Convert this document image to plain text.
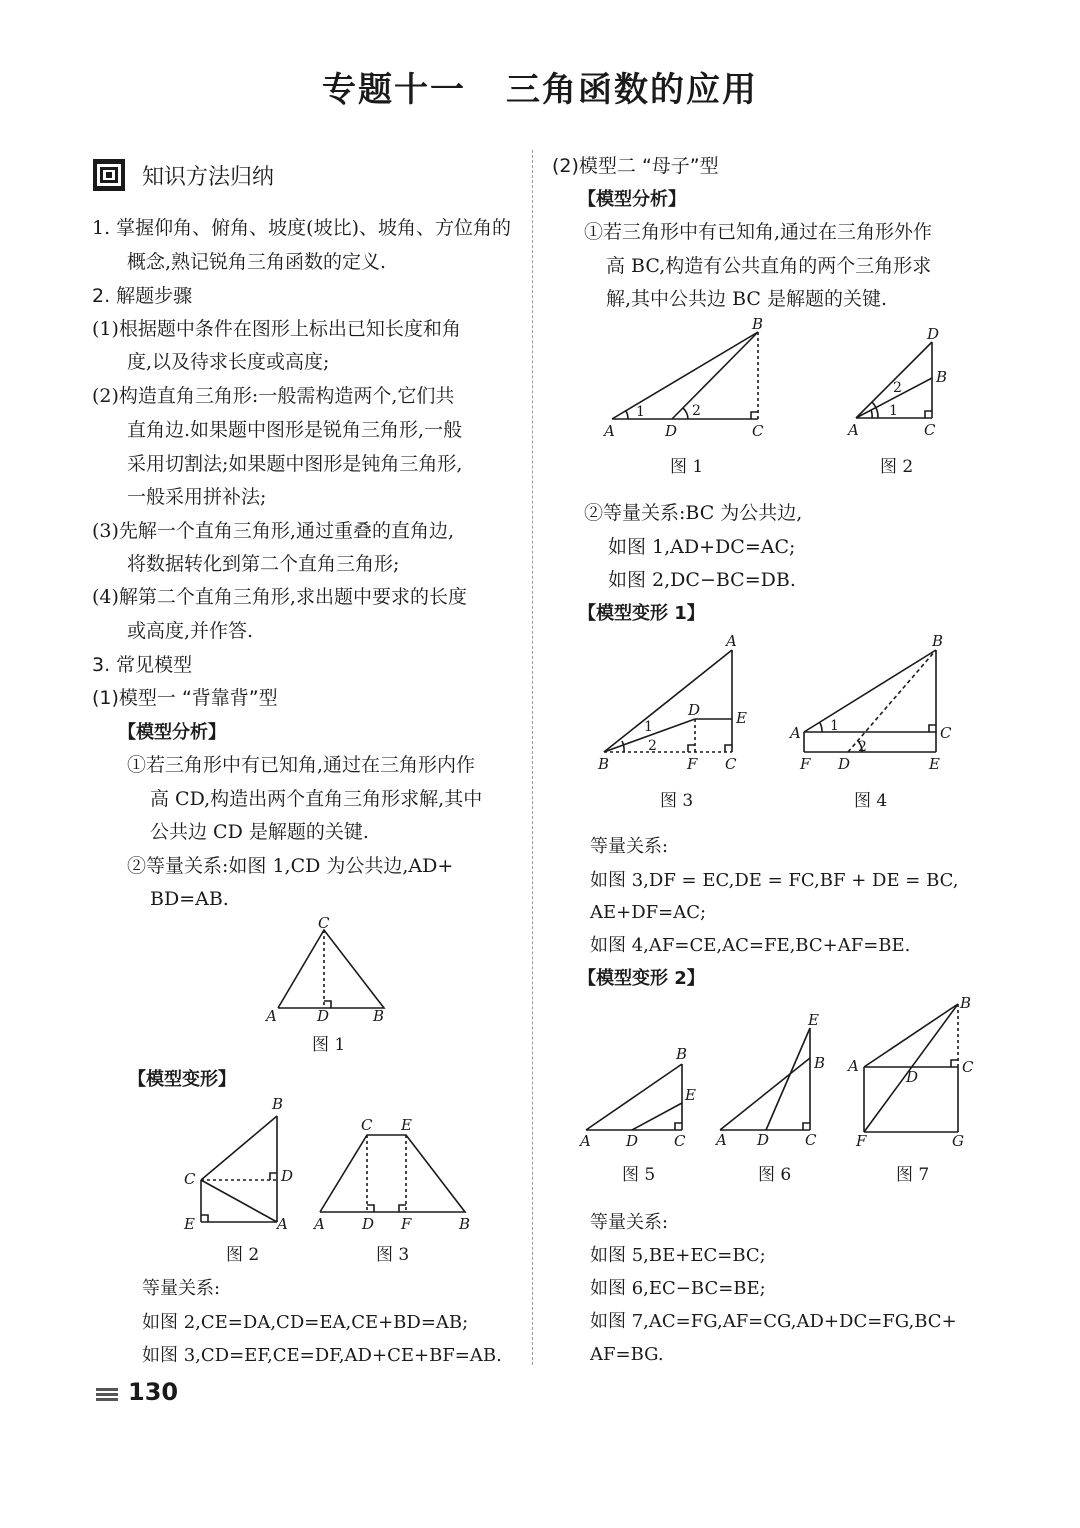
专题十一 三角函数的应用
知识方法归纳
1. 掌握仰角、俯角、坡度(坡比)、坡角、方位角的
概念,熟记锐角三角函数的定义.
2. 解题步骤
(1)根据题中条件在图形上标出已知长度和角
度,以及待求长度或高度;
(2)构造直角三角形:一般需构造两个,它们共
直角边.如果题中图形是锐角三角形,一般
采用切割法;如果题中图形是钝角三角形,
一般采用拼补法;
(3)先解一个直角三角形,通过重叠的直角边,
将数据转化到第二个直角三角形;
(4)解第二个直角三角形,求出题中要求的长度
或高度,并作答.
3. 常见模型
(1)模型一 “背靠背”型
【模型分析】
①若三角形中有已知角,通过在三角形内作
高 CD,构造出两个直角三角形求解,其中
公共边 CD 是解题的关键.
②等量关系:如图 1,CD 为公共边,AD+
BD=AB.
C
A	D	B
图 1
【模型变形】
B
C	D
E	A
图 2
C E
A D F	B
图 3
等量关系:
如图 2,CE=DA,CD=EA,CE+BD=AB;
如图 3,CD=EF,CE=DF,AD+CE+BF=AB.
(2)模型二 “母子”型
【模型分析】
①若三角形中有已知角,通过在三角形外作
高 BC,构造有公共直角的两个三角形求
解,其中公共边 BC 是解题的关键.
1	2
B
A	D	C
图 1
1
2
D
B
A	C
图 2
②等量关系:BC 为公共边,
如图 1,AD+DC=AC;
如图 2,DC−BC=DB.
【模型变形 1】
1
2
A
D E
B	F C
图 3
1
2
B
A	C
F D	E
图 4
等量关系:
如图 3,DF = EC,DE = FC,BF + DE = BC,
AE+DF=AC;
如图 4,AF=CE,AC=FE,BC+AF=BE.
【模型变形 2】
B
E
A D C
图 5
E
B
A D C
图 6
B
A
D
C
F	G
图 7
等量关系:
如图 5,BE+EC=BC;
如图 6,EC−BC=BE;
如图 7,AC=FG,AF=CG,AD+DC=FG,BC+
AF=BG.
130
